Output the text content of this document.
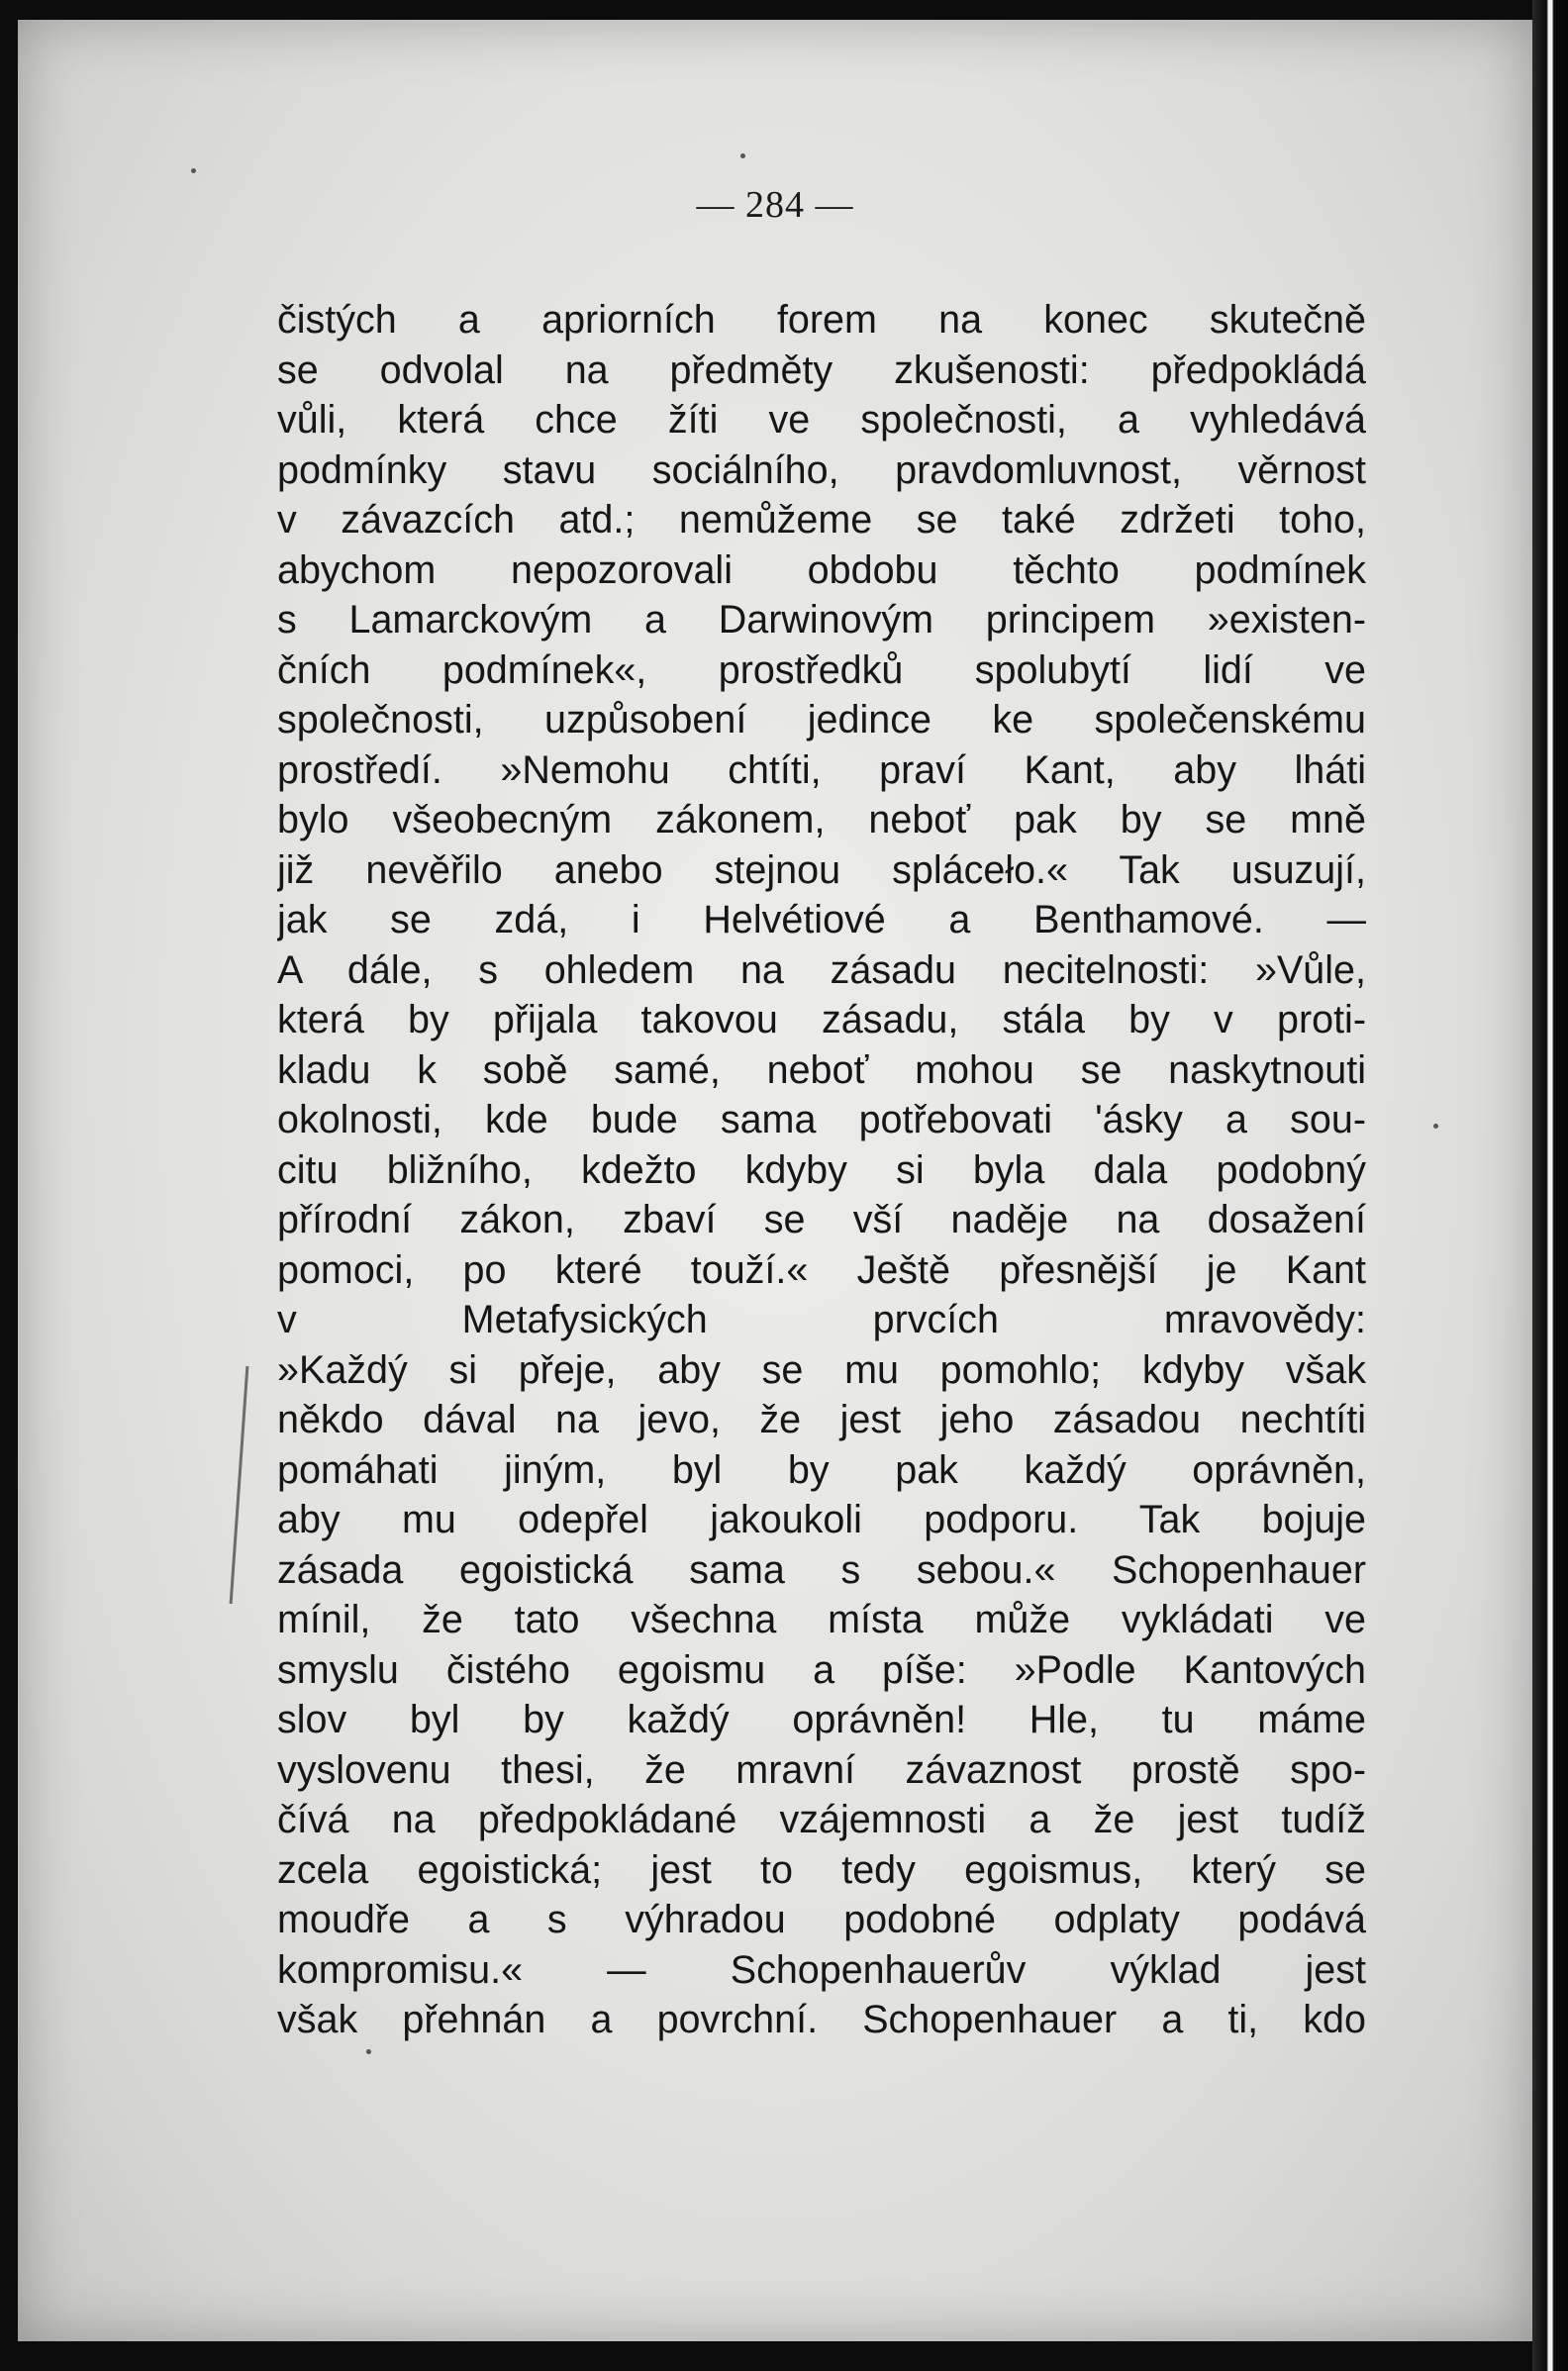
— 284 —
čistých a apriorních forem na konec skutečně
se odvolal na předměty zkušenosti: předpokládá
vůli, která chce žíti ve společnosti, a vyhledává
podmínky stavu sociálního, pravdomluvnost, věrnost
v závazcích atd.; nemůžeme se také zdržeti toho,
abychom nepozorovali obdobu těchto podmínek
s Lamarckovým a Darwinovým principem »existen-
čních podmínek«, prostředků spolubytí lidí ve
společnosti, uzpůsobení jedince ke společenskému
prostředí. »Nemohu chtíti, praví Kant, aby lháti
bylo všeobecným zákonem, neboť pak by se mně
již nevěřilo anebo stejnou spláceło.« Tak usuzují,
jak se zdá, i Helvétiové a Benthamové. —
A dále, s ohledem na zásadu necitelnosti: »Vůle,
která by přijala takovou zásadu, stála by v proti-
kladu k sobě samé, neboť mohou se naskytnouti
okolnosti, kde bude sama potřebovati 'ásky a sou-
citu bližního, kdežto kdyby si byla dala podobný
přírodní zákon, zbaví se vší naděje na dosažení
pomoci, po které touží.« Ještě přesnější je Kant
v Metafysických prvcích mravovědy:
»Každý si přeje, aby se mu pomohlo; kdyby však
někdo dával na jevo, že jest jeho zásadou nechtíti
pomáhati jiným, byl by pak každý oprávněn,
aby mu odepřel jakoukoli podporu. Tak bojuje
zásada egoistická sama s sebou.« Schopenhauer
mínil, že tato všechna místa může vykládati ve
smyslu čistého egoismu a píše: »Podle Kantových
slov byl by každý oprávněn! Hle, tu máme
vyslovenu thesi, že mravní závaznost prostě spo-
čívá na předpokládané vzájemnosti a že jest tudíž
zcela egoistická; jest to tedy egoismus, který se
moudře a s výhradou podobné odplaty podává
kompromisu.« — Schopenhauerův výklad jest
však přehnán a povrchní. Schopenhauer a ti, kdo
